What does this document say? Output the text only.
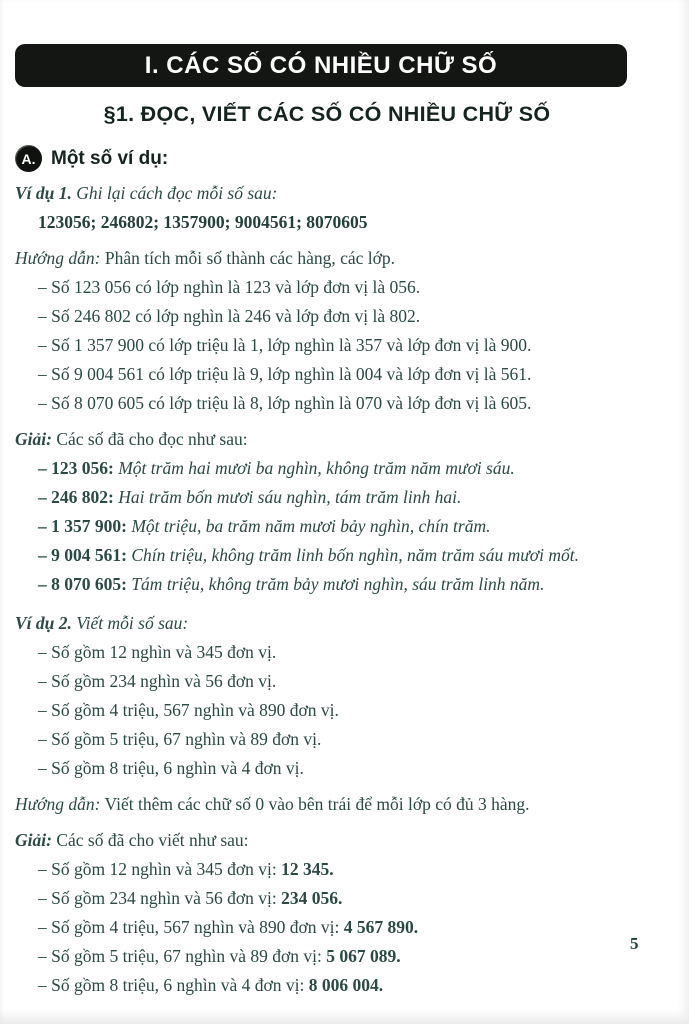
I. CÁC SỐ CÓ NHIỀU CHỮ SỐ
§1. ĐỌC, VIẾT CÁC SỐ CÓ NHIỀU CHỮ SỐ
A. Một số ví dụ:
Ví dụ 1. Ghi lại cách đọc mỗi số sau:
123056; 246802; 1357900; 9004561; 8070605
Hướng dẫn: Phân tích mỗi số thành các hàng, các lớp.
– Số 123 056 có lớp nghìn là 123 và lớp đơn vị là 056.
– Số 246 802 có lớp nghìn là 246 và lớp đơn vị là 802.
– Số 1 357 900 có lớp triệu là 1, lớp nghìn là 357 và lớp đơn vị là 900.
– Số 9 004 561 có lớp triệu là 9, lớp nghìn là 004 và lớp đơn vị là 561.
– Số 8 070 605 có lớp triệu là 8, lớp nghìn là 070 và lớp đơn vị là 605.
Giải: Các số đã cho đọc như sau:
– 123 056: Một trăm hai mươi ba nghìn, không trăm năm mươi sáu.
– 246 802: Hai trăm bốn mươi sáu nghìn, tám trăm linh hai.
– 1 357 900: Một triệu, ba trăm năm mươi bảy nghìn, chín trăm.
– 9 004 561: Chín triệu, không trăm linh bốn nghìn, năm trăm sáu mươi mốt.
– 8 070 605: Tám triệu, không trăm bảy mươi nghìn, sáu trăm linh năm.
Ví dụ 2. Viết mỗi số sau:
– Số gồm 12 nghìn và 345 đơn vị.
– Số gồm 234 nghìn và 56 đơn vị.
– Số gồm 4 triệu, 567 nghìn và 890 đơn vị.
– Số gồm 5 triệu, 67 nghìn và 89 đơn vị.
– Số gồm 8 triệu, 6 nghìn và 4 đơn vị.
Hướng dẫn: Viết thêm các chữ số 0 vào bên trái để mỗi lớp có đủ 3 hàng.
Giải: Các số đã cho viết như sau:
– Số gồm 12 nghìn và 345 đơn vị: 12 345.
– Số gồm 234 nghìn và 56 đơn vị: 234 056.
– Số gồm 4 triệu, 567 nghìn và 890 đơn vị: 4 567 890.
– Số gồm 5 triệu, 67 nghìn và 89 đơn vị: 5 067 089.
– Số gồm 8 triệu, 6 nghìn và 4 đơn vị: 8 006 004.
5
